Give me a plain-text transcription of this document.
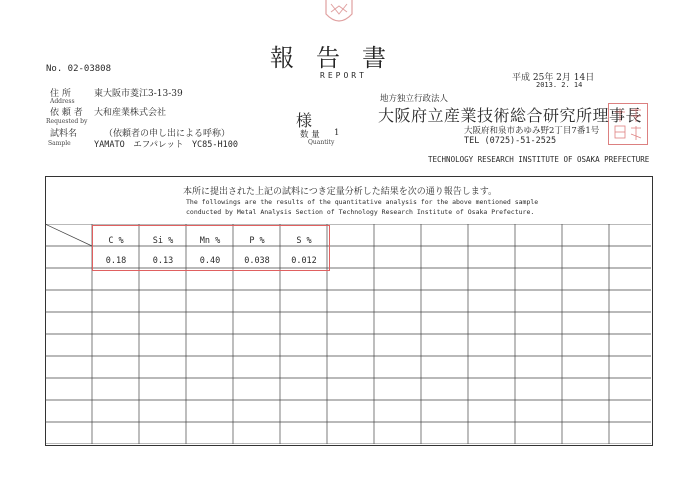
報告書
REPORT
No. 02-03808
住 所	東大阪市菱江3-13-39
Address
依 頼 者 大和産業株式会社
Requested by
試料名	（依頼者の申し出による呼称）
Sample	YAMATO　エフパレット　YC85-H100
様
数 量 1
Quantity
平成 25年 2月 14日
2013. 2. 14
地方独立行政法人
大阪府立産業技術総合研究所理事長
大阪府和泉市あゆみ野2丁目7番1号
TEL (0725)-51-2525
TECHNOLOGY RESEARCH INSTITUTE OF OSAKA PREFECTURE
本所に提出された上記の試料につき定量分析した結果を次の通り報告します。
The followings are the results of the quantitative analysis for the above mentioned sample
conducted by Metal Analysis Section of Technology Research Institute of Osaka Prefecture.
C %	Si %	Mn %	P %	S %
0.18	0.13	0.40	0.038	0.012
